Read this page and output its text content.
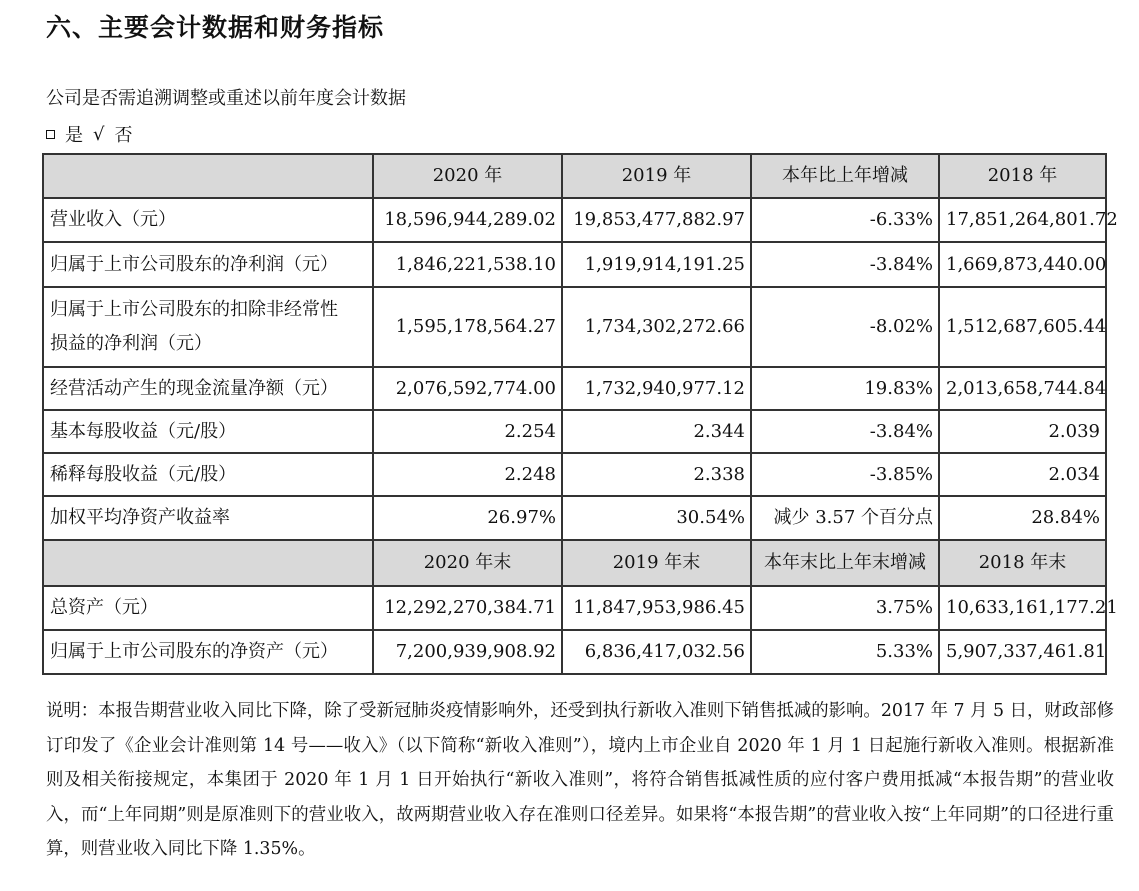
六、主要会计数据和财务指标
公司是否需追溯调整或重述以前年度会计数据
是 √ 否
	2020 年	2019 年	本年比上年增减	2018 年
营业收入（元）	18,596,944,289.02	19,853,477,882.97	-6.33%	17,851,264,801.72
归属于上市公司股东的净利润（元）	1,846,221,538.10	1,919,914,191.25	-3.84%	1,669,873,440.00

归属于上市公司股东的扣除非经常性
损益的净利润（元）	1,595,178,564.27	1,734,302,272.66	-8.02%	1,512,687,605.44
经营活动产生的现金流量净额（元）	2,076,592,774.00	1,732,940,977.12	19.83%	2,013,658,744.84
基本每股收益（元/股）	2.254	2.344	-3.84%	2.039
稀释每股收益（元/股）	2.248	2.338	-3.85%	2.034
加权平均净资产收益率	26.97%	30.54%	减少 3.57 个百分点	28.84%
	2020 年末	2019 年末	本年末比上年末增减	2018 年末
总资产（元）	12,292,270,384.71	11,847,953,986.45	3.75%	10,633,161,177.21
归属于上市公司股东的净资产（元）	7,200,939,908.92	6,836,417,032.56	5.33%	5,907,337,461.81
说明：本报告期营业收入同比下降，除了受新冠肺炎疫情影响外，还受到执行新收入准则下销售抵减的影响。2017 年 7 月 5 日，财政部修订印发了《企业会计准则第 14 号——收入》（以下简称“新收入准则”），境内上市企业自 2020 年 1 月 1 日起施行新收入准则。根据新准则及相关衔接规定，本集团于 2020 年 1 月 1 日开始执行“新收入准则”，将符合销售抵减性质的应付客户费用抵减“本报告期”的营业收入，而“上年同期”则是原准则下的营业收入，故两期营业收入存在准则口径差异。如果将“本报告期”的营业收入按“上年同期”的口径进行重算，则营业收入同比下降 1.35%。
